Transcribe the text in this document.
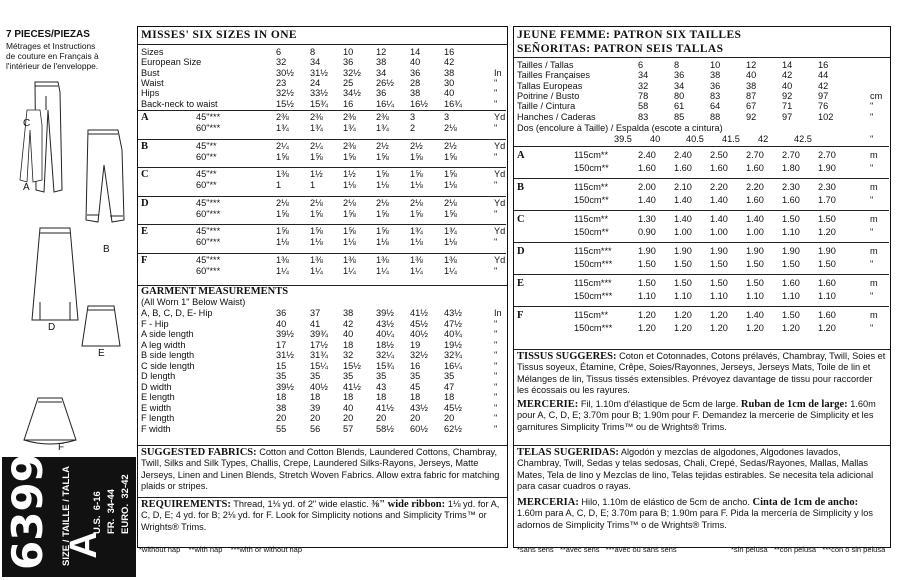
7 PIECES/PIEZAS
Métrages et Instructions
de couture en Français à
l'intérieur de l'enveloppe.
C
A
B
D
E
F
6399 SIZE / TAILLE / TALLA
A
U.S.  6-16
FR.  34-44
EURO.  32-42
MISSES' SIX SIZES IN ONE
Sizes	6	8	10 12	14	16
European Size	32	34 36 38	40	42
Bust	30½ 31½ 32½ 34	36	38	In
Waist	23	24 25 26½ 28	30	"
Hips	32½ 33½ 34½ 36	38	40	"
Back-neck to waist	15½ 15¾ 16 16¼ 16½ 16¾	"
A	45"***	2⅜ 2⅜ 2⅜ 2⅜ 3	3	Yd
60"***	1¾ 1¾ 1¾ 1¾ 2	2⅛	"
B	45"**	2¼ 2¼ 2⅜ 2½ 2½ 2½	Yd
60"**	1⅝ 1⅝ 1⅝ 1⅝ 1⅝ 1⅝	"
C	45"**	1⅜ 1½ 1½ 1⅝ 1⅝ 1⅝	Yd
60"**	1	1	1⅛ 1⅛ 1⅛ 1⅛	"
D	45"***	2⅛ 2⅛ 2⅛ 2⅛ 2⅛ 2⅛	Yd
60"***	1⅝ 1⅝ 1⅝ 1⅝ 1⅝ 1⅝	"
E	45"***	1⅝ 1⅝ 1⅝ 1⅝ 1¾ 1¾	Yd
60"***	1⅛ 1⅛ 1⅛ 1⅛ 1⅛ 1⅛	"
F	45"***	1⅜ 1⅜ 1⅜ 1⅜ 1⅜ 1⅜	Yd
60"***	1¼ 1¼ 1¼ 1¼ 1¼ 1¼	"
GARMENT MEASUREMENTS
(All Worn 1" Below Waist)
A, B, C, D, E- Hip	36	37 38 39½ 41½ 43½	In
F - Hip	40	41 42 43½ 45½ 47½	"
A side length	39½ 39¾ 40 40¼ 40½ 40¾	"
A leg width	17	17½ 18 18½ 19	19½	"
B side length	31½ 31¾ 32 32¼ 32½ 32¾	"
C side length	15	15¼ 15½ 15¾ 16	16¼	"
D length	35	35 35 35	35	35	"
D width	39½ 40½ 41½ 43	45	47	"
E length	18	18 18 18	18	18	"
E width	38	39 40 41½ 43½ 45½	"
F length	20	20 20 20	20	20	"
F width	55	56 57 58½ 60½ 62½	"
SUGGESTED FABRICS: Cotton and Cotton Blends, Laundered Cottons, Chambray, Twill, Silks and Silk Types, Challis, Crepe, Laundered Silks-Rayons, Jerseys, Matte Jerseys, Linen and Linen Blends, Stretch Woven Fabrics. Allow extra fabric for matching plaids or stripes.
REQUIREMENTS: Thread, 1⅛ yd. of 2" wide elastic. ⅜" wide ribbon: 1⅛ yd. for A, C, D, E; 4 yd. for B; 2⅛ yd. for F. Look for Simplicity notions and Simplicity Trims™ or Wrights® Trims.
*without nap    **with nap    ***with or without nap
JEUNE FEMME: PATRON SIX TAILLES
SEÑORITAS: PATRON SEIS TALLAS
Tailles / Tallas	6	8	10	12	14	16
Tailles Françaises	34	36	38	40	42	44
Tallas Europeas	32	34	36	38	40	42
Poitrine / Busto	78	80	83	87	92	97	cm
Taille / Cintura	58	61	64	67	71	76	"
Hanches / Caderas	83	85	88	92	97	102	"
Dos (encolure à Taille) / Espalda (escote a cintura)
39.5 40	40.5 41.5 42	42.5	"
A	115cm**	2.40 2.40 2.50 2.70 2.70 2.70	m
150cm**	1.60 1.60 1.60 1.60 1.80 1.90	"
B	115cm**	2.00 2.10 2.20 2.20 2.30 2.30	m
150cm**	1.40 1.40 1.40 1.60 1.60 1.70	"
C	115cm**	1.30 1.40 1.40 1.40 1.50 1.50	m
150cm**	0.90 1.00 1.00 1.00 1.10 1.20	"
D	115cm***	1.90 1.90 1.90 1.90 1.90 1.90	m
150cm***	1.50 1.50 1.50 1.50 1.50 1.50	"
E	115cm***	1.50 1.50 1.50 1.50 1.60 1.60	m
150cm***	1.10 1.10 1.10 1.10 1.10 1.10	"
F	115cm**	1.20 1.20 1.20 1.40 1.50 1.60	m
150cm***	1.20 1.20 1.20 1.20 1.20 1.20	"
TISSUS SUGGERES: Coton et Cotonnades, Cotons prélavés, Chambray, Twill, Soies et Tissus soyeux, Étamine, Crêpe, Soies/Rayonnes, Jerseys, Jerseys Mats, Toile de lin et Mélanges de lin, Tissus tissés extensibles. Prévoyez davantage de tissu pour raccorder les écossais ou les rayures.
MERCERIE: Fil, 1.10m d'élastique de 5cm de large. Ruban de 1cm de large: 1.60m pour A, C, D, E; 3.70m pour B; 1.90m pour F. Demandez la mercerie de Simplicity et les garnitures Simplicity Trims™ ou de Wrights® Trims.
TELAS SUGERIDAS: Algodón y mezclas de algodones, Algodones lavados, Chambray, Twill, Sedas y telas sedosas, Chali, Crepé, Sedas/Rayones, Mallas, Mallas Mates, Tela de lino y Mezclas de lino, Telas tejidas estirables. Se necesita tela adicional para casar cuadros o rayas.
MERCERIA: Hilo, 1.10m de elástico de 5cm de ancho. Cinta de 1cm de ancho: 1.60m para A, C, D, E; 3.70m para B; 1.90m para F. Pida la mercería de Simplicity y los adornos de Simplicity Trims™ o de Wrights® Trims.
*sans sens   **avec sens   ***avec ou sans sens	*sin pelusa   **con pelusa   ***con o sin pelusa
